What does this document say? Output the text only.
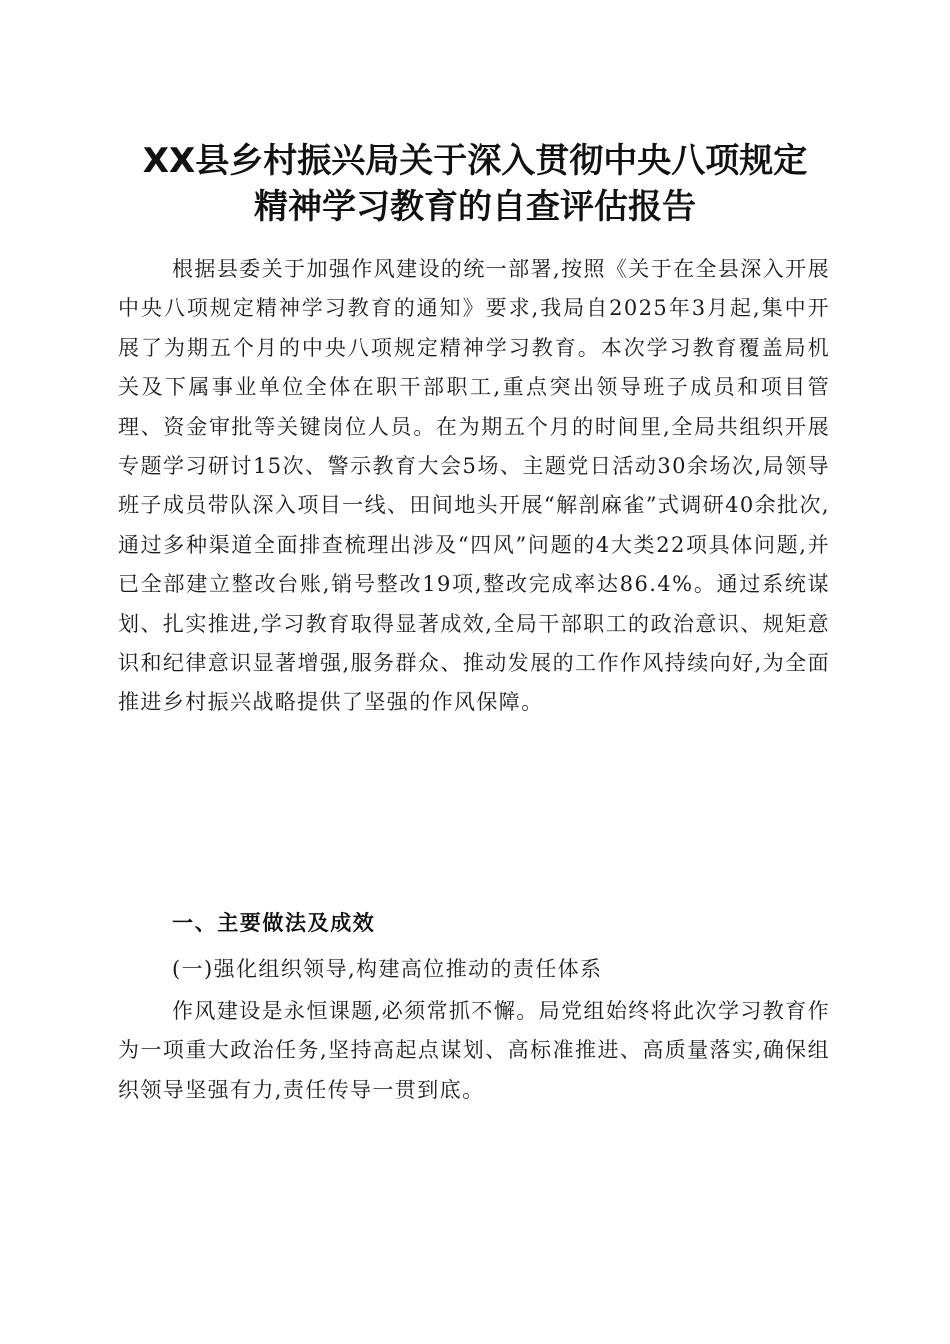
XX县乡村振兴局关于深入贯彻中央八项规定
精神学习教育的自查评估报告
根据县委关于加强作风建设的统一部署,按照《关于在全县深入开展中央八项规定精神学习教育的通知》要求,我局自2025年3月起,集中开展了为期五个月的中央八项规定精神学习教育。本次学习教育覆盖局机关及下属事业单位全体在职干部职工,重点突出领导班子成员和项目管理、资金审批等关键岗位人员。在为期五个月的时间里,全局共组织开展专题学习研讨15次、警示教育大会5场、主题党日活动30余场次,局领导班子成员带队深入项目一线、田间地头开展“解剖麻雀”式调研40余批次,通过多种渠道全面排查梳理出涉及“四风”问题的4大类22项具体问题,并已全部建立整改台账,销号整改19项,整改完成率达86.4%。通过系统谋划、扎实推进,学习教育取得显著成效,全局干部职工的政治意识、规矩意识和纪律意识显著增强,服务群众、推动发展的工作作风持续向好,为全面推进乡村振兴战略提供了坚强的作风保障。
一、主要做法及成效
(一)强化组织领导,构建高位推动的责任体系
作风建设是永恒课题,必须常抓不懈。局党组始终将此次学习教育作为一项重大政治任务,坚持高起点谋划、高标准推进、高质量落实,确保组织领导坚强有力,责任传导一贯到底。
